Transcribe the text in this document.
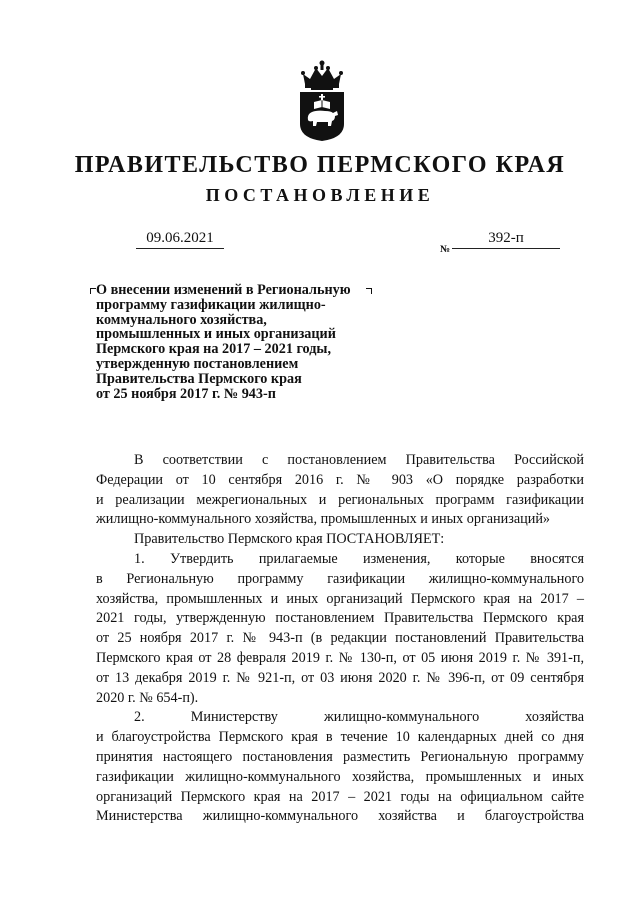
ПРАВИТЕЛЬСТВО ПЕРМСКОГО КРАЯ
ПОСТАНОВЛЕНИЕ
09.06.2021
№
392-п
О внесении изменений в Региональную
программу газификации жилищно-
коммунального хозяйства,
промышленных и иных организаций
Пермского края на 2017 – 2021 годы,
утвержденную постановлением
Правительства Пермского края
от 25 ноября 2017 г. № 943-п
В соответствии с постановлением Правительства Российской
Федерации от 10 сентября 2016 г. № 903 «О порядке разработки
и реализации межрегиональных и региональных программ газификации
жилищно-коммунального хозяйства, промышленных и иных организаций»
Правительство Пермского края ПОСТАНОВЛЯЕТ:
1. Утвердить прилагаемые изменения, которые вносятся
в Региональную программу газификации жилищно-коммунального
хозяйства, промышленных и иных организаций Пермского края на 2017 –
2021 годы, утвержденную постановлением Правительства Пермского края
от 25 ноября 2017 г. № 943-п (в редакции постановлений Правительства
Пермского края от 28 февраля 2019 г. № 130-п, от 05 июня 2019 г. № 391-п,
от 13 декабря 2019 г. № 921-п, от 03 июня 2020 г. № 396-п, от 09 сентября
2020 г. № 654-п).
2. Министерству жилищно-коммунального хозяйства
и благоустройства Пермского края в течение 10 календарных дней со дня
принятия настоящего постановления разместить Региональную программу
газификации жилищно-коммунального хозяйства, промышленных и иных
организаций Пермского края на 2017 – 2021 годы на официальном сайте
Министерства жилищно-коммунального хозяйства и благоустройства
